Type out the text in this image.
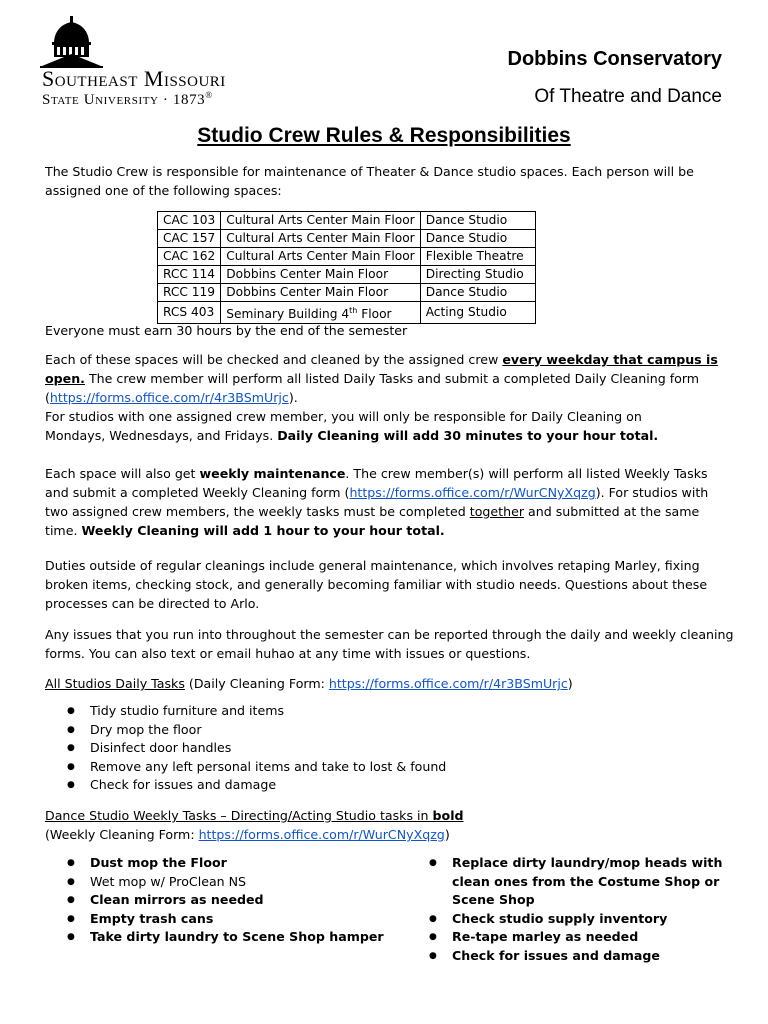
Southeast Missouri
State University · 1873®
Dobbins Conservatory
Of Theatre and Dance
Studio Crew Rules & Responsibilities

The Studio Crew is responsible for maintenance of Theater & Dance studio spaces. Each person will be assigned one of the following spaces:

CAC 103	Cultural Arts Center Main Floor	Dance Studio
CAC 157	Cultural Arts Center Main Floor	Dance Studio
CAC 162	Cultural Arts Center Main Floor	Flexible Theatre
RCC 114	Dobbins Center Main Floor	Directing Studio
RCC 119	Dobbins Center Main Floor	Dance Studio
RCS 403	Seminary Building 4th Floor	Acting Studio

Everyone must earn 30 hours by the end of the semester

Each of these spaces will be checked and cleaned by the assigned crew every weekday that campus is open. The crew member will perform all listed Daily Tasks and submit a completed Daily Cleaning form

(https://forms.office.com/r/4r3BSmUrjc).

For studios with one assigned crew member, you will only be responsible for Daily Cleaning on

Mondays, Wednesdays, and Fridays. Daily Cleaning will add 30 minutes to your hour total.

Each space will also get weekly maintenance. The crew member(s) will perform all listed Weekly Tasks and submit a completed Weekly Cleaning form (https://forms.office.com/r/WurCNyXqzg). For studios with two assigned crew members, the weekly tasks must be completed together and submitted at the same time. Weekly Cleaning will add 1 hour to your hour total.

Duties outside of regular cleanings include general maintenance, which involves retaping Marley, fixing broken items, checking stock, and generally becoming familiar with studio needs. Questions about these processes can be directed to Arlo.

Any issues that you run into throughout the semester can be reported through the daily and weekly cleaning forms. You can also text or email huhao at any time with issues or questions.

All Studios Daily Tasks (Daily Cleaning Form: https://forms.office.com/r/4r3BSmUrjc)

● Tidy studio furniture and items
● Dry mop the floor
● Disinfect door handles
● Remove any left personal items and take to lost & found
● Check for issues and damage

Dance Studio Weekly Tasks – Directing/Acting Studio tasks in bold

(Weekly Cleaning Form: https://forms.office.com/r/WurCNyXqzg)

● Dust mop the Floor
● Wet mop w/ ProClean NS
● Clean mirrors as needed
● Empty trash cans
● Take dirty laundry to Scene Shop hamper
● Replace dirty laundry/mop heads with clean ones from the Costume Shop or Scene Shop
● Check studio supply inventory
● Re-tape marley as needed
● Check for issues and damage
